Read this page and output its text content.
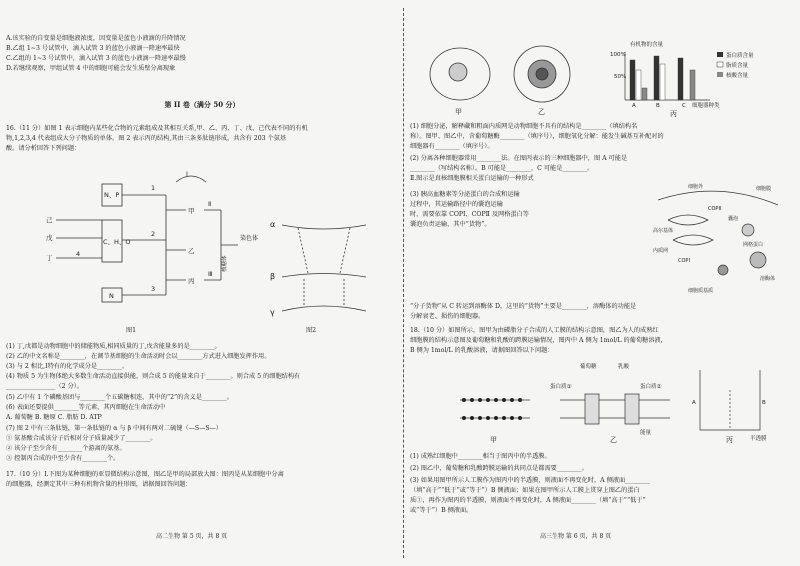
A.该实验的自变量是细胞液浓度，因变量是蓝色小液滴的升降情况
B.乙组 1~3 号试管中，滴入试管 3 的蓝色小液滴一降速率最快
C.乙组的 1~3 号试管中，滴入试管 3 的蓝色小液滴一降速率最慢
D.若继续观察，甲组试管 4 中的细胞可能会发生质壁分离现象
第 II 卷（满分 50 分）
16.（11 分）如图 1 表示细胞内某些化合物的元素组成及其相互关系,甲、乙、丙、丁、戊、己代表不同的有机
物,1,2,3,4 代表组成大分子物质的单体。图 2 表示丙的结构,其由三条多肽链形成，共含有 203 个氨基
酸。请分析回答下列问题：
N、P
C、H、O
N
己
戊
丁
甲
乙
丙
Ⅰ
1
2
3
4
Ⅱ
Ⅲ
染色体
核糖体
图1
α
β
γ
图2
(1) 丁,戊都是动物细胞中的储能物质,相同质量的丁,戊含能量多的是________。
(2) 乙的中文名称是________，在调节基细胞的生命活动时会以________方式进入细胞发挥作用。
(3) 与 2 相比,Ⅰ特有的化学成分是________。
(4) 物质 5 为生物体绝大多数生命活动直接供能，则合成 5 的能量来自于________。则合成 5 的细胞结构有
________________（2 分）。
(5) 乙中有 1 个磷酸基团与________个五碳糖相连，其中的“2”的含义是________。
(6) 表面还要提供________等元素，其丙细胞在生命活动中
A. 葡萄糖 B. 糖原 C. 脂肪 D. ATP
(7) 图 2 中有三条肽链，第一条肽链的 α 与 β 中间有两对二硫键（—S—S—）
① 氨基酸合成该分子后相对分子质量减少了________。
② 该分子至少含有________个游离的氨基。
③ 控制丙合成的中至少含有________个。
17.（10 分）Ⅰ.下图为某种细胞的亚显微结构示意图，图乙是甲的局部放大图：图丙是从某细胞中分离
的细胞器，经测定其中三种有机物含量的柱形图，请据图回答问题：
高二生物 第 5 页，共 8 页
甲	乙
有机物的含量
100%
50%
A	B	C 细胞器种类
蛋白质含量
脂质含量
核酸含量
丙
(1) 细胞分泌，解释藏和粗面内质网是动物细胞不具有的结构是________（填结构名
称）。图甲、图乙中，含葡萄糖酶________（填序号），细胞氧化分解：能发生碱基互补配对的
细胞器有________（填序号）。
(2) 分离各种细胞器常用________法。在图丙表示的三种细胞器中，图 A 可能是
________（写结构名称）。B 可能是________，C 可能是________。
Ⅱ.图示是真核细胞膜相关蛋白运输的一种形式
(3) 胰高血糖素等分泌蛋白的合成和运输
过程中，其运输路径中的囊泡运输
时，需要依靠 COPⅠ、COPⅡ 及网格蛋白等
囊泡负责运输，其中“货物”。
细胞膜
细胞外
溶酶体
COPⅡ
COPⅠ
高尔基体
内质网
网格蛋白
囊泡
细胞质基质
“分子货物”从 C 转运到溶酶体 D，这里的“货物”主要是________，溶酶体的功能是
分解衰老、损伤的细胞器。
18.（10 分）如图所示，图甲为由磷脂分子合成的人工膜的结构示意图，图乙为人的成熟红
细胞膜的结构示意图及葡萄糖和乳酸的跨膜运输情况，图丙中 A 侧为 1mol/L 的葡萄糖溶液，
B 侧为 1mol/L 的乳酸溶液，请据图回答以下问题：
葡萄糖	乳酸
蛋白质①	蛋白质②
能量
A	B
半透膜
甲	乙	丙
(1) 成熟红细胞中________相当于图丙中的半透膜。
(2) 图乙中，葡萄糖和乳酸跨膜运输的共同点是都需要________。
(3) 如果用图甲所示人工膜作为图丙中的半透膜，则液面不再变化时，A 侧液面________
（填“高于”“低于”或“等于”）B 侧液面；如果在图甲所示人工膜上贯穿上图乙的蛋白
质①，再作为图丙的半透膜，则液面不再变化时，A 侧液面________（填“高于”“低于”
或“等于”）B 侧液面。
高三生物 第 6 页，共 8 页
